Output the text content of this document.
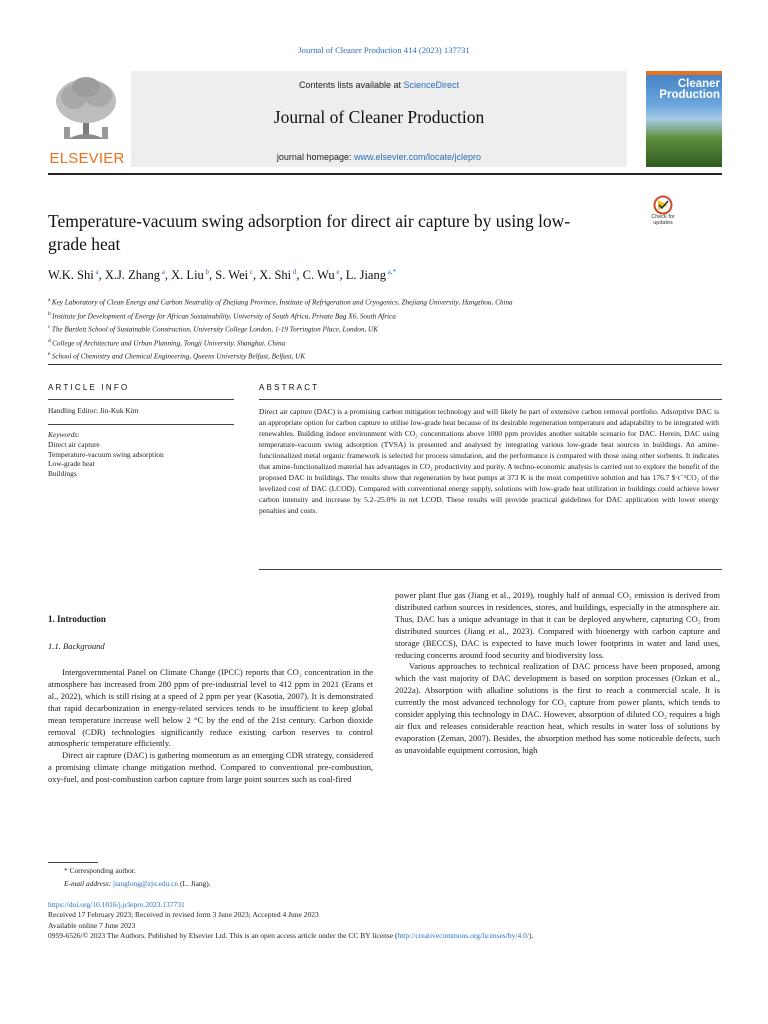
Journal of Cleaner Production 414 (2023) 137731
ELSEVIER
Contents lists available at ScienceDirect
Journal of Cleaner Production
journal homepage: www.elsevier.com/locate/jclepro
Cleaner Production
Temperature-vacuum swing adsorption for direct air capture by using low-grade heat
Check for updates
W.K. Shi $^a$, X.J. Zhang $^a$, X. Liu $^b$, S. Wei $^c$, X. Shi $^d$, C. Wu $^e$, L. Jiang $^{a,*}$
$^a$ Key Laboratory of Clean Energy and Carbon Neutrality of Zhejiang Province, Institute of Refrigeration and Cryogenics, Zhejiang University, Hangzhou, China
$^b$ Institute for Development of Energy for African Sustainability, University of South Africa, Private Bag X6, South Africa
$^c$ The Bartlett School of Sustainable Construction, University College London, 1-19 Torrington Place, London, UK
$^d$ College of Architecture and Urban Planning, Tongji University, Shanghai, China
$^e$ School of Chemistry and Chemical Engineering, Queens University Belfast, Belfast, UK
ARTICLE INFO	ABSTRACT
Handling Editor: Jin-Kuk Kim
Keywords:
Direct air capture
Temperature-vacuum swing adsorption
Low-grade heat
Buildings
Direct air capture (DAC) is a promising carbon mitigation technology and will likely be part of extensive carbon removal portfolio. Adsorptive DAC is an appropriate option for carbon capture to utilise low-grade heat because of its desirable regeneration temperature and adaptability to be integrated with renewables. Building indoor environment with CO₂ concentrations above 1000 ppm provides another suitable scenario for DAC. Herein, DAC using temperature-vacuum swing adsorption (TVSA) is presented and analysed by integrating various low-grade heat sources in buildings. An amine-functionalized metal organic framework is selected for process simulation, and the performance is compared with those using other sorbents. It indicates that amine-functionalized material has advantages in CO₂ productivity and purity. A techno-economic analysis is carried out to explore the benefit of the proposed DAC in buildings. The results show that regeneration by heat pumps at 373 K is the most competitive solution and has 176.7 $·t⁻¹CO₂ of the levelized cost of DAC (LCOD). Compared with conventional energy supply, solutions with low-grade heat utilization in buildings could achieve lower carbon intensity and increase by 5.2–25.0% in net LCOD. These results will provide practical guidelines for DAC application with lower energy penalties and costs.
1. Introduction
1.1. Background

Intergovernmental Panel on Climate Change (IPCC) reports that CO₂ concentration in the atmosphere has increased from 280 ppm of pre-industrial level to 412 ppm in 2021 (Erans et al., 2022), which is still rising at a speed of 2 ppm per year (Kasotia, 2007). It is demonstrated that rapid decarbonization in energy-related services tends to be insufficient to keep global mean temperature increase well below 2 °C by the end of the 21st century. Carbon dioxide removal (CDR) technologies significantly reduce existing carbon reserves to control atmospheric temperature efficiently.

Direct air capture (DAC) is gathering momentum as an emerging CDR strategy, considered a promising climate change mitigation method. Compared to conventional pre-combustion, oxy-fuel, and post-combustion carbon capture from large point sources such as coal-fired

power plant flue gas (Jiang et al., 2019), roughly half of annual CO₂ emission is derived from distributed carbon sources in residences, stores, and buildings, especially in the atmosphere air. Thus, DAC has a unique advantage in that it can be deployed anywhere, capturing CO₂ from distributed sources (Jiang et al., 2023). Compared with bioenergy with carbon capture and storage (BECCS), DAC is expected to have much lower footprints in water and land uses, reducing concerns around food security and biodiversity loss.

Various approaches to technical realization of DAC process have been proposed, among which the vast majority of DAC development is based on sorption processes (Ozkan et al., 2022a). Absorption with alkaline solutions is the first to reach a commercial scale. It is currently the most advanced technology for CO₂ capture from power plants, which tends to consider applying this technology in DAC. However, absorption of diluted CO₂ requires a high air flux and releases considerable reaction heat, which results in water loss of solutions by evaporation (Zeman, 2007). Besides, the absorption method has some noticeable defects, such as unavoidable equipment corrosion, high

* Corresponding author.
E-mail address: jianglong@zju.edu.cn (L. Jiang).
https://doi.org/10.1016/j.jclepro.2023.137731
Received 17 February 2023; Received in revised form 3 June 2023; Accepted 4 June 2023
Available online 7 June 2023
0959-6526/© 2023 The Authors. Published by Elsevier Ltd. This is an open access article under the CC BY license (http://creativecommons.org/licenses/by/4.0/).
